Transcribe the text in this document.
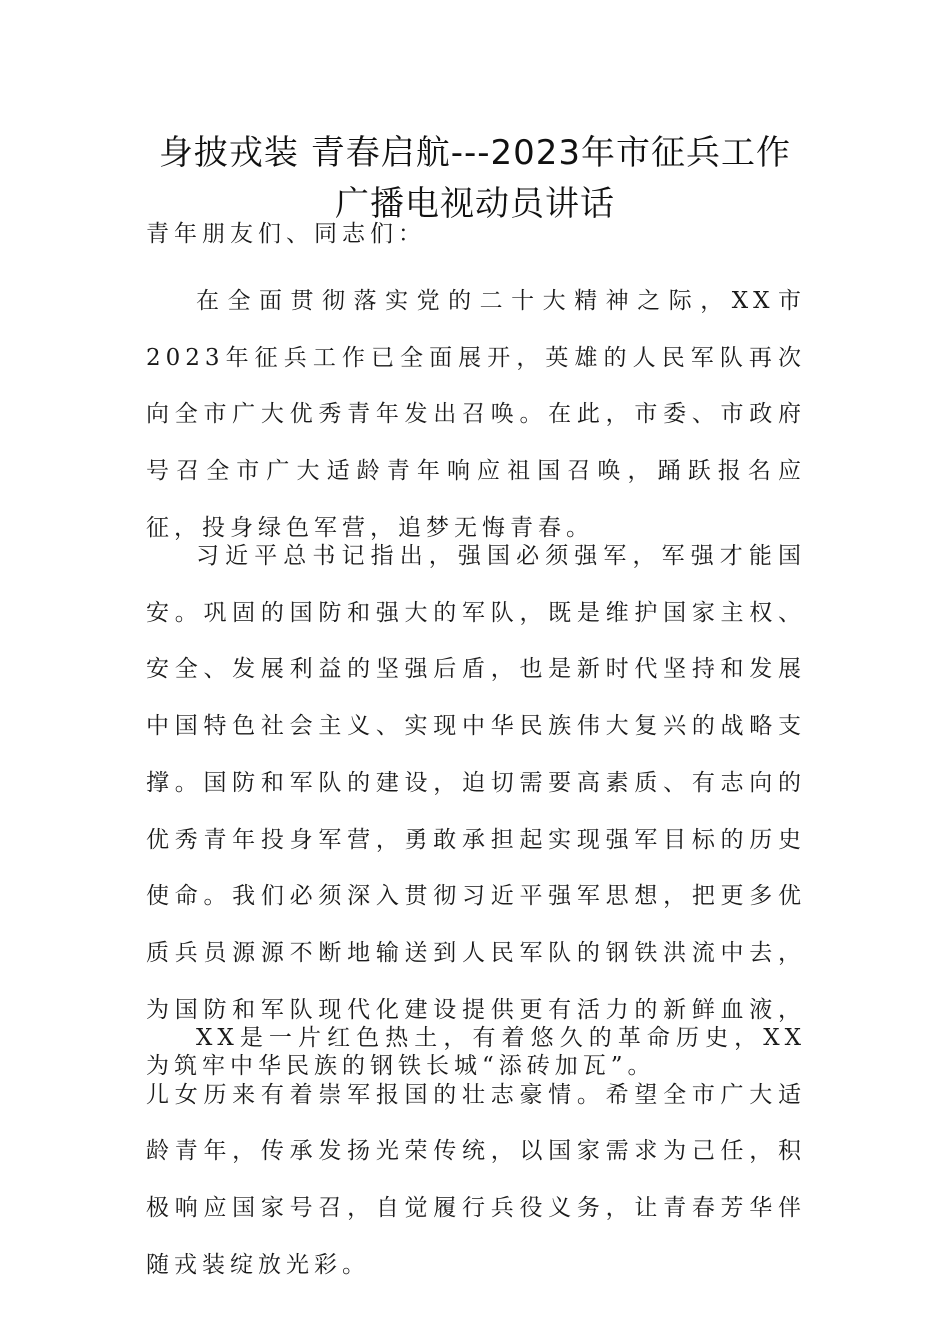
身披戎装 青春启航---2023年市征兵工作
广播电视动员讲话

青年朋友们、同志们：

在全面贯彻落实党的二十大精神之际，XX市2023年征兵工作已全面展开，英雄的人民军队再次向全市广大优秀青年发出召唤。在此，市委、市政府号召全市广大适龄青年响应祖国召唤，踊跃报名应征，投身绿色军营，追梦无悔青春。

习近平总书记指出，强国必须强军，军强才能国安。巩固的国防和强大的军队，既是维护国家主权、安全、发展利益的坚强后盾，也是新时代坚持和发展中国特色社会主义、实现中华民族伟大复兴的战略支撑。国防和军队的建设，迫切需要高素质、有志向的优秀青年投身军营，勇敢承担起实现强军目标的历史使命。我们必须深入贯彻习近平强军思想，把更多优质兵员源源不断地输送到人民军队的钢铁洪流中去，为国防和军队现代化建设提供更有活力的新鲜血液，为筑牢中华民族的钢铁长城“添砖加瓦”。

XX是一片红色热土，有着悠久的革命历史，XX儿女历来有着崇军报国的壮志豪情。希望全市广大适龄青年，传承发扬光荣传统，以国家需求为己任，积极响应国家号召，自觉履行兵役义务，让青春芳华伴随戎装绽放光彩。
